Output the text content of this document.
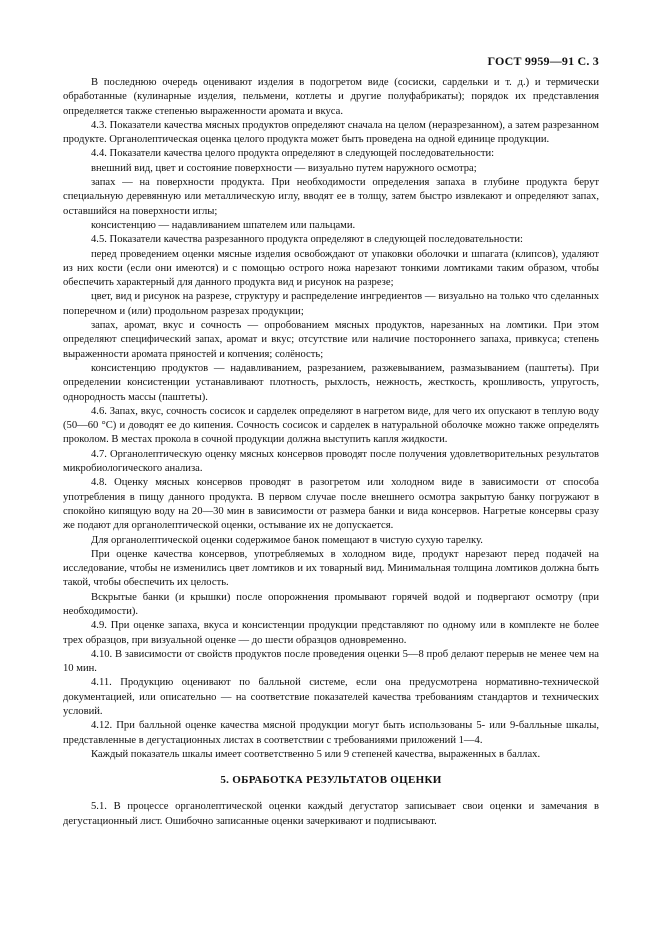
ГОСТ 9959—91 С. 3

В последнюю очередь оценивают изделия в подогретом виде (сосиски, сардельки и т. д.) и термически обработанные (кулинарные изделия, пельмени, котлеты и другие полуфабрикаты); порядок их представления определяется также степенью выраженности аромата и вкуса.

4.3. Показатели качества мясных продуктов определяют сначала на целом (неразрезанном), а затем разрезанном продукте. Органолептическая оценка целого продукта может быть проведена на одной единице продукции.

4.4. Показатели качества целого продукта определяют в следующей последовательности:

внешний вид, цвет и состояние поверхности — визуально путем наружного осмотра;

запах — на поверхности продукта. При необходимости определения запаха в глубине продукта берут специальную деревянную или металлическую иглу, вводят ее в толщу, затем быстро извлекают и определяют запах, оставшийся на поверхности иглы;

консистенцию — надавливанием шпателем или пальцами.

4.5. Показатели качества разрезанного продукта определяют в следующей последовательности:

перед проведением оценки мясные изделия освобождают от упаковки оболочки и шпагата (клипсов), удаляют из них кости (если они имеются) и с помощью острого ножа нарезают тонкими ломтиками таким образом, чтобы обеспечить характерный для данного продукта вид и рисунок на разрезе;

цвет, вид и рисунок на разрезе, структуру и распределение ингредиентов — визуально на только что сделанных поперечном и (или) продольном разрезах продукции;

запах, аромат, вкус и сочность — опробованием мясных продуктов, нарезанных на ломтики. При этом определяют специфический запах, аромат и вкус; отсутствие или наличие постороннего запаха, привкуса; степень выраженности аромата пряностей и копчения; солёность;

консистенцию продуктов — надавливанием, разрезанием, разжевыванием, размазыванием (паштеты). При определении консистенции устанавливают плотность, рыхлость, нежность, жесткость, крошливость, упругость, однородность массы (паштеты).

4.6. Запах, вкус, сочность сосисок и сарделек определяют в нагретом виде, для чего их опускают в теплую воду (50—60 °С) и доводят ее до кипения. Сочность сосисок и сарделек в натуральной оболочке можно также определять проколом. В местах прокола в сочной продукции должна выступить капля жидкости.

4.7. Органолептическую оценку мясных консервов проводят после получения удовлетворительных результатов микробиологического анализа.

4.8. Оценку мясных консервов проводят в разогретом или холодном виде в зависимости от способа употребления в пищу данного продукта. В первом случае после внешнего осмотра закрытую банку погружают в спокойно кипящую воду на 20—30 мин в зависимости от размера банки и вида консервов. Нагретые консервы сразу же подают для органолептической оценки, остывание их не допускается.

Для органолептической оценки содержимое банок помещают в чистую сухую тарелку.

При оценке качества консервов, употребляемых в холодном виде, продукт нарезают перед подачей на исследование, чтобы не изменились цвет ломтиков и их товарный вид. Минимальная толщина ломтиков должна быть такой, чтобы обеспечить их целость.

Вскрытые банки (и крышки) после опорожнения промывают горячей водой и подвергают осмотру (при необходимости).

4.9. При оценке запаха, вкуса и консистенции продукции представляют по одному или в комплекте не более трех образцов, при визуальной оценке — до шести образцов одновременно.

4.10. В зависимости от свойств продуктов после проведения оценки 5—8 проб делают перерыв не менее чем на 10 мин.

4.11. Продукцию оценивают по балльной системе, если она предусмотрена нормативно-технической документацией, или описательно — на соответствие показателей качества требованиям стандартов и технических условий.

4.12. При балльной оценке качества мясной продукции могут быть использованы 5- или 9-балльные шкалы, представленные в дегустационных листах в соответствии с требованиями приложений 1—4.

Каждый показатель шкалы имеет соответственно 5 или 9 степеней качества, выраженных в баллах.

5. ОБРАБОТКА РЕЗУЛЬТАТОВ ОЦЕНКИ

5.1. В процессе органолептической оценки каждый дегустатор записывает свои оценки и замечания в дегустационный лист. Ошибочно записанные оценки зачеркивают и подписывают.
